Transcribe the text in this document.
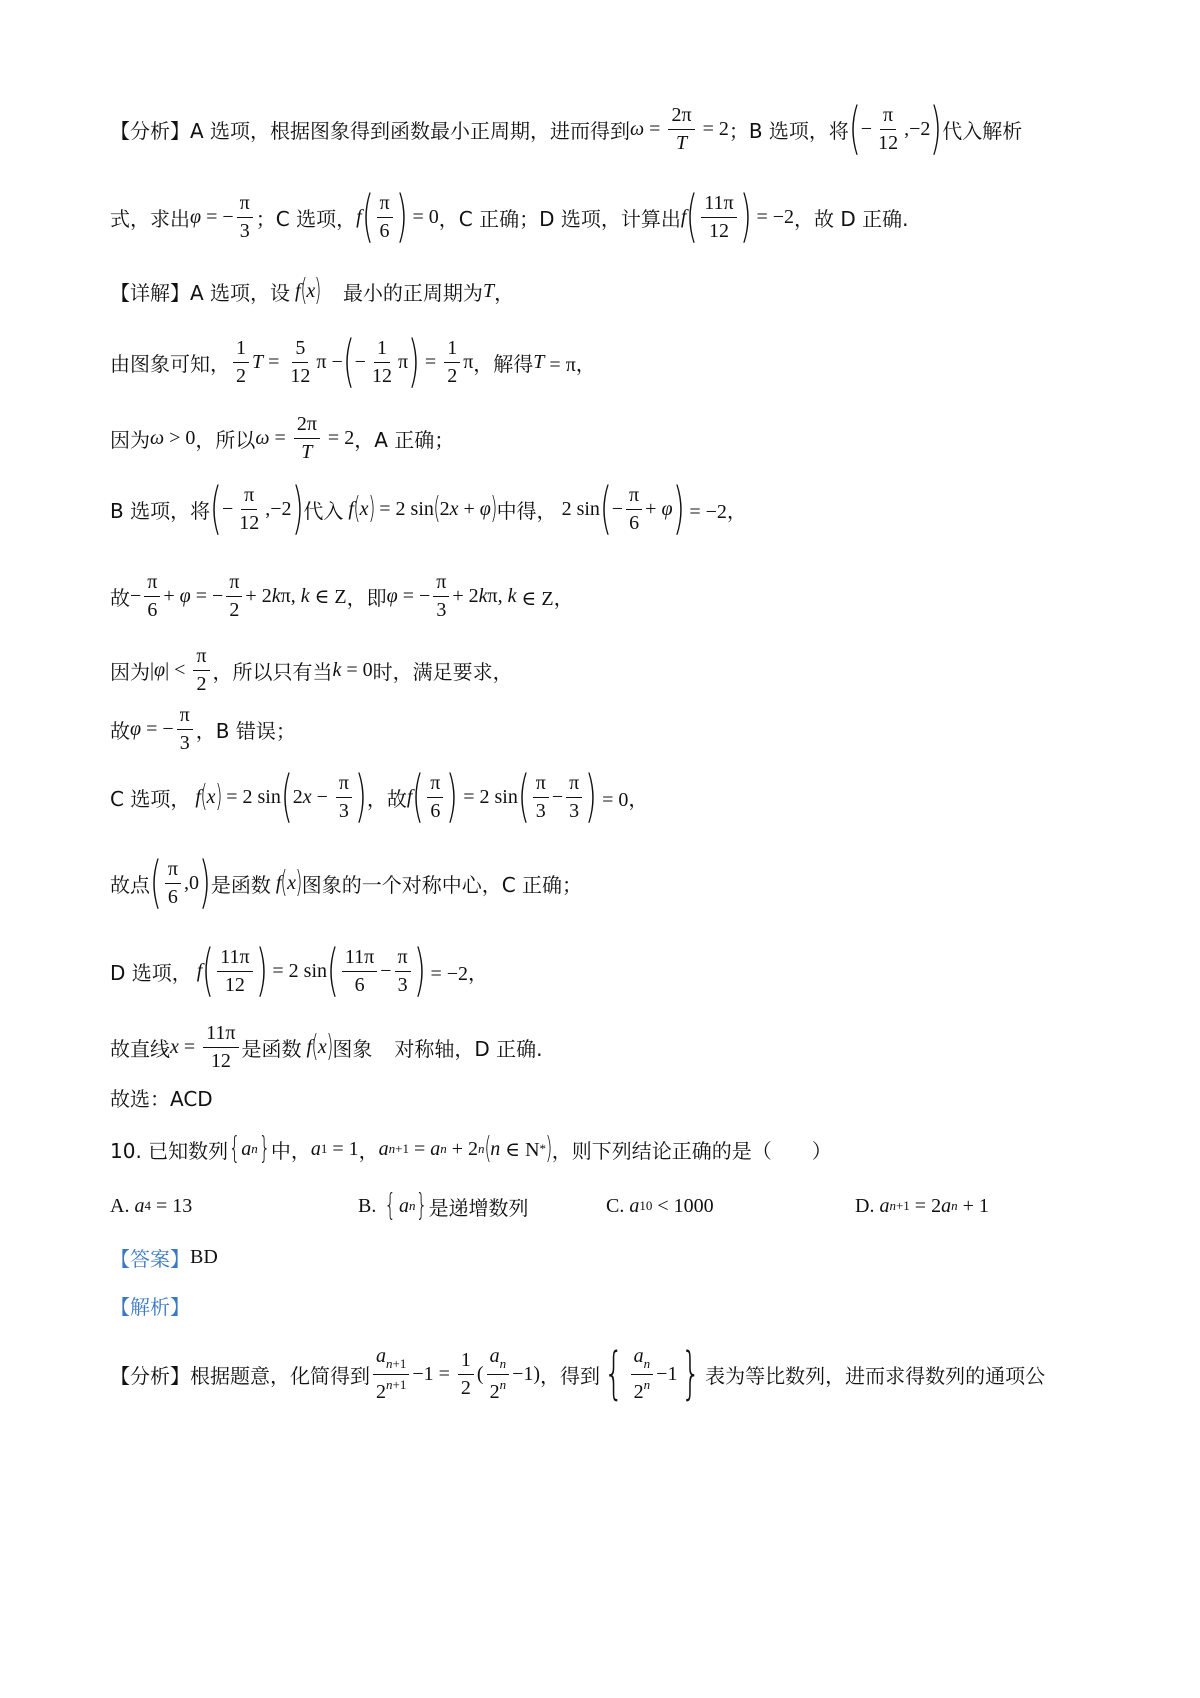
【分析】A 选项，根据图象得到函数最小正周期，进而得到 $\omega = \frac{2\pi}{T} = 2$ ；B 选项，将 ( − $\frac{\pi}{12} ,-2$ ) 代入解析
式，求出 φ = − $\frac{\pi}{3}$ ；C 选项， f ( $\frac{\pi}{6}$ ) = 0 ，C 正确；D 选项，计算出 f ( $\frac{11\pi}{12}$ ) = −2 ，故 D 正确.
【详解】A 选项，设 f ( x ) 最小的正周期为 T ，
由图象可知， $\frac{1}{2}$ $T = \frac{5}{12}$ π − ( − $\frac{1}{12}$ π ) = $\frac{1}{2}$ π ，解得 T = π，
因为 ω > 0 ，所以 $\omega = \frac{2\pi}{T} = 2$ ，A 正确；
B 选项，将 ( − $\frac{\pi}{12} ,-2$ ) 代入 f ( x ) = 2 sin ( 2 x + φ ) 中得， 2 sin ( − $\frac{\pi}{6} + \varphi$ ) = −2，
故 − $\frac{\pi}{6} + \varphi$ = − $\frac{\pi}{2} + 2$ k π, k ∈ Z ，即 φ = − $\frac{\pi}{3} + 2$ k π, k ∈ Z，
因为 | φ | < $\frac{\pi}{2}$ ，所以只有当 k = 0 时，满足要求，
故 φ = − $\frac{\pi}{3}$ ，B 错误；
C 选项， f ( x ) = 2 sin ( 2 $x - \frac{\pi}{3}$ ) ，故 f ( $\frac{\pi}{6}$ ) = 2 sin ( $\frac{\pi}{3} - \frac{\pi}{3}$ ) = 0，
故点 ( $\frac{\pi}{6} ,0$ ) 是函数 f ( x ) 图象的一个对称中心，C 正确；
D 选项， f ( $\frac{11\pi}{12}$ ) = 2 sin ( $\frac{11\pi}{6} - \frac{\pi}{3}$ ) = −2，
故直线 $x = \frac{11\pi}{12}$ 是函数 f ( x ) 图象 对称轴，D 正确.
故选：ACD
10. 已知数列 { a n } 中， a 1 = 1 ， a n+1 = a n + 2 n ( n ∈ N * ) ，则下列结论正确的是（　　）
A. a 4 = 13	B. { a n } 是递增数列	C. a 10 < 1000	D. a n+1 = 2 a n + 1
【答案】 BD
【解析】
【分析】根据题意，化简得到 $\frac{a_{n+1}}{2^{n+1}} -1 = \frac{1}{2}$ ( $\frac{a_n}{2^n} -1$) ，得到 { $\frac{a_n}{2^n} -1$ } 表为等比数列，进而求得数列的通项公
